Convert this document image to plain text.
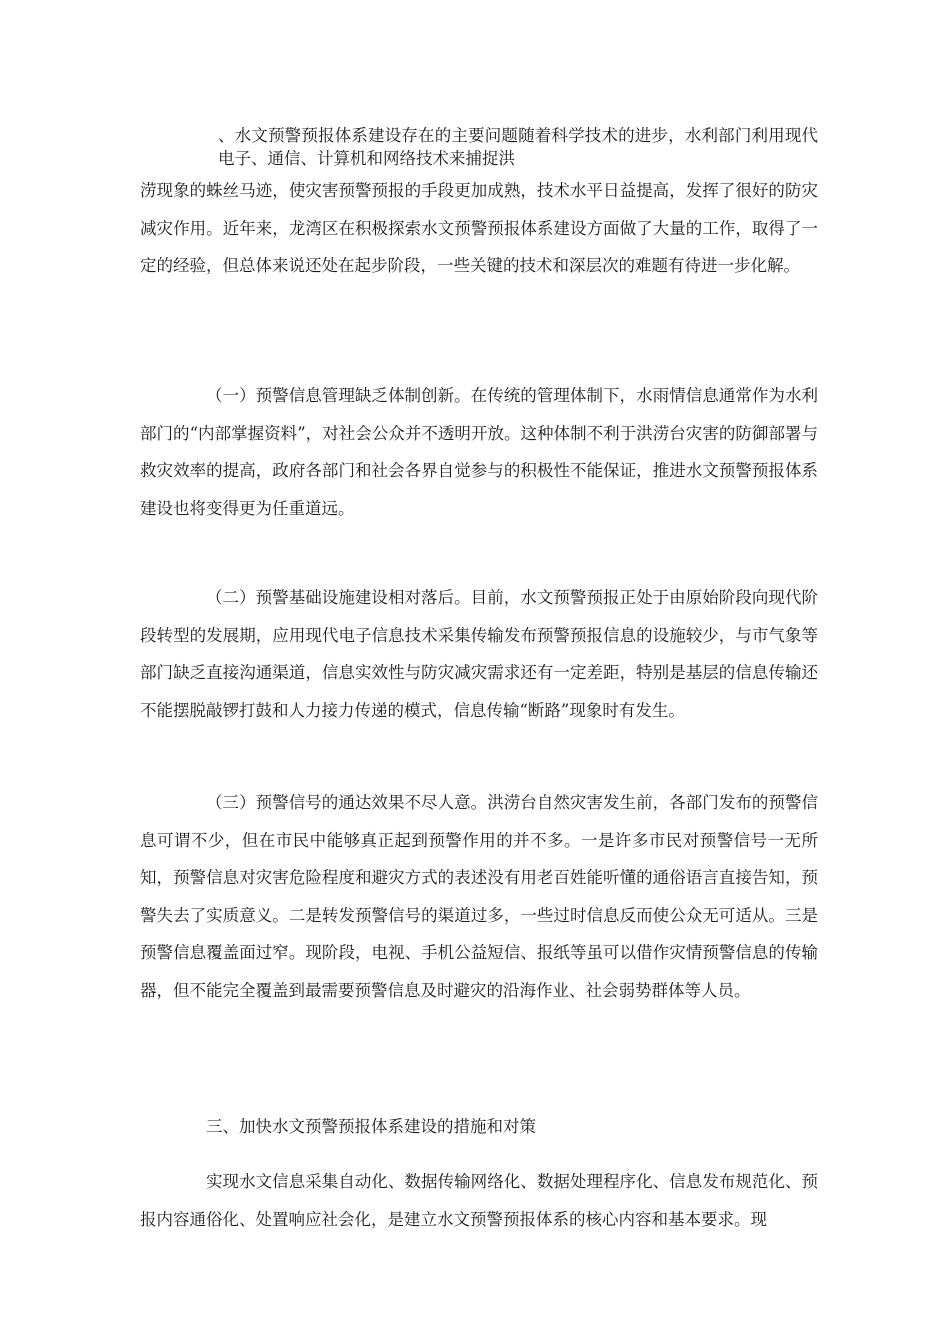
、水文预警预报体系建设存在的主要问题随着科学技术的进步，水利部门利用现代电子、通信、计算机和网络技术来捕捉洪
涝现象的蛛丝马迹，使灾害预警预报的手段更加成熟，技术水平日益提高，发挥了很好的防灾减灾作用。近年来，龙湾区在积极探索水文预警预报体系建设方面做了大量的工作，取得了一定的经验，但总体来说还处在起步阶段，一些关键的技术和深层次的难题有待进一步化解。
（一）预警信息管理缺乏体制创新。在传统的管理体制下，水雨情信息通常作为水利部门的“内部掌握资料”，对社会公众并不透明开放。这种体制不利于洪涝台灾害的防御部署与救灾效率的提高，政府各部门和社会各界自觉参与的积极性不能保证，推进水文预警预报体系建设也将变得更为任重道远。
（二）预警基础设施建设相对落后。目前，水文预警预报正处于由原始阶段向现代阶段转型的发展期，应用现代电子信息技术采集传输发布预警预报信息的设施较少，与市气象等部门缺乏直接沟通渠道，信息实效性与防灾减灾需求还有一定差距，特别是基层的信息传输还不能摆脱敲锣打鼓和人力接力传递的模式，信息传输“断路”现象时有发生。
（三）预警信号的通达效果不尽人意。洪涝台自然灾害发生前，各部门发布的预警信息可谓不少，但在市民中能够真正起到预警作用的并不多。一是许多市民对预警信号一无所知，预警信息对灾害危险程度和避灾方式的表述没有用老百姓能听懂的通俗语言直接告知，预警失去了实质意义。二是转发预警信号的渠道过多，一些过时信息反而使公众无可适从。三是预警信息覆盖面过窄。现阶段，电视、手机公益短信、报纸等虽可以借作灾情预警信息的传输器，但不能完全覆盖到最需要预警信息及时避灾的沿海作业、社会弱势群体等人员。
三、加快水文预警预报体系建设的措施和对策
实现水文信息采集自动化、数据传输网络化、数据处理程序化、信息发布规范化、预报内容通俗化、处置响应社会化，是建立水文预警预报体系的核心内容和基本要求。现
